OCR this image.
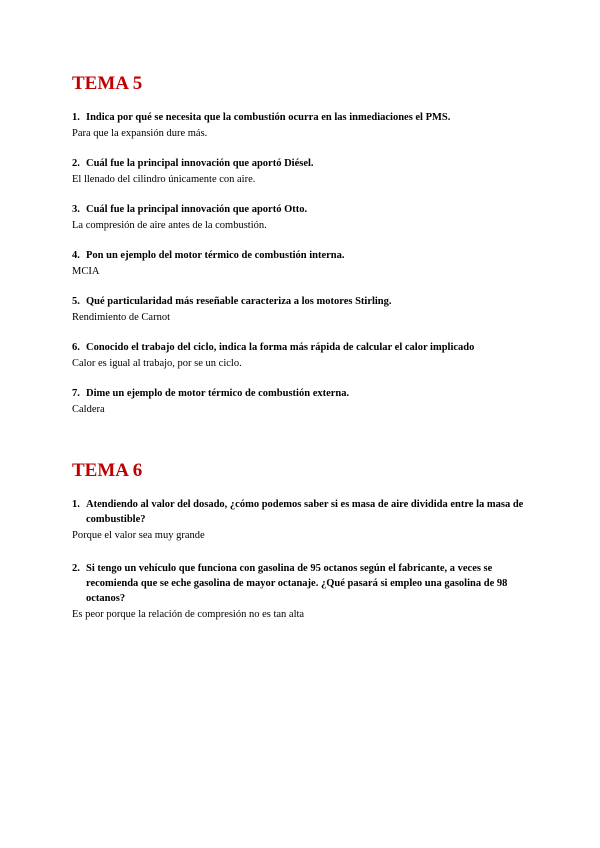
TEMA 5
1. Indica por qué se necesita que la combustión ocurra en las inmediaciones el PMS.
Para que la expansión dure más.
2. Cuál fue la principal innovación que aportó Diésel.
El llenado del cilindro únicamente con aire.
3. Cuál fue la principal innovación que aportó Otto.
La compresión de aire antes de la combustión.
4. Pon un ejemplo del motor térmico de combustión interna.
MCIA
5. Qué particularidad más reseñable caracteriza a los motores Stirling.
Rendimiento de Carnot
6. Conocido el trabajo del ciclo, indica la forma más rápida de calcular el calor implicado
Calor es igual al trabajo, por se un ciclo.
7. Dime un ejemplo de motor térmico de combustión externa.
Caldera
TEMA 6
1. Atendiendo al valor del dosado, ¿cómo podemos saber si es masa de aire dividida entre la masa de combustible?
Porque el valor sea muy grande
2. Si tengo un vehículo que funciona con gasolina de 95 octanos según el fabricante, a veces se recomienda que se eche gasolina de mayor octanaje. ¿Qué pasará si empleo una gasolina de 98 octanos?
Es peor porque la relación de compresión no es tan alta
